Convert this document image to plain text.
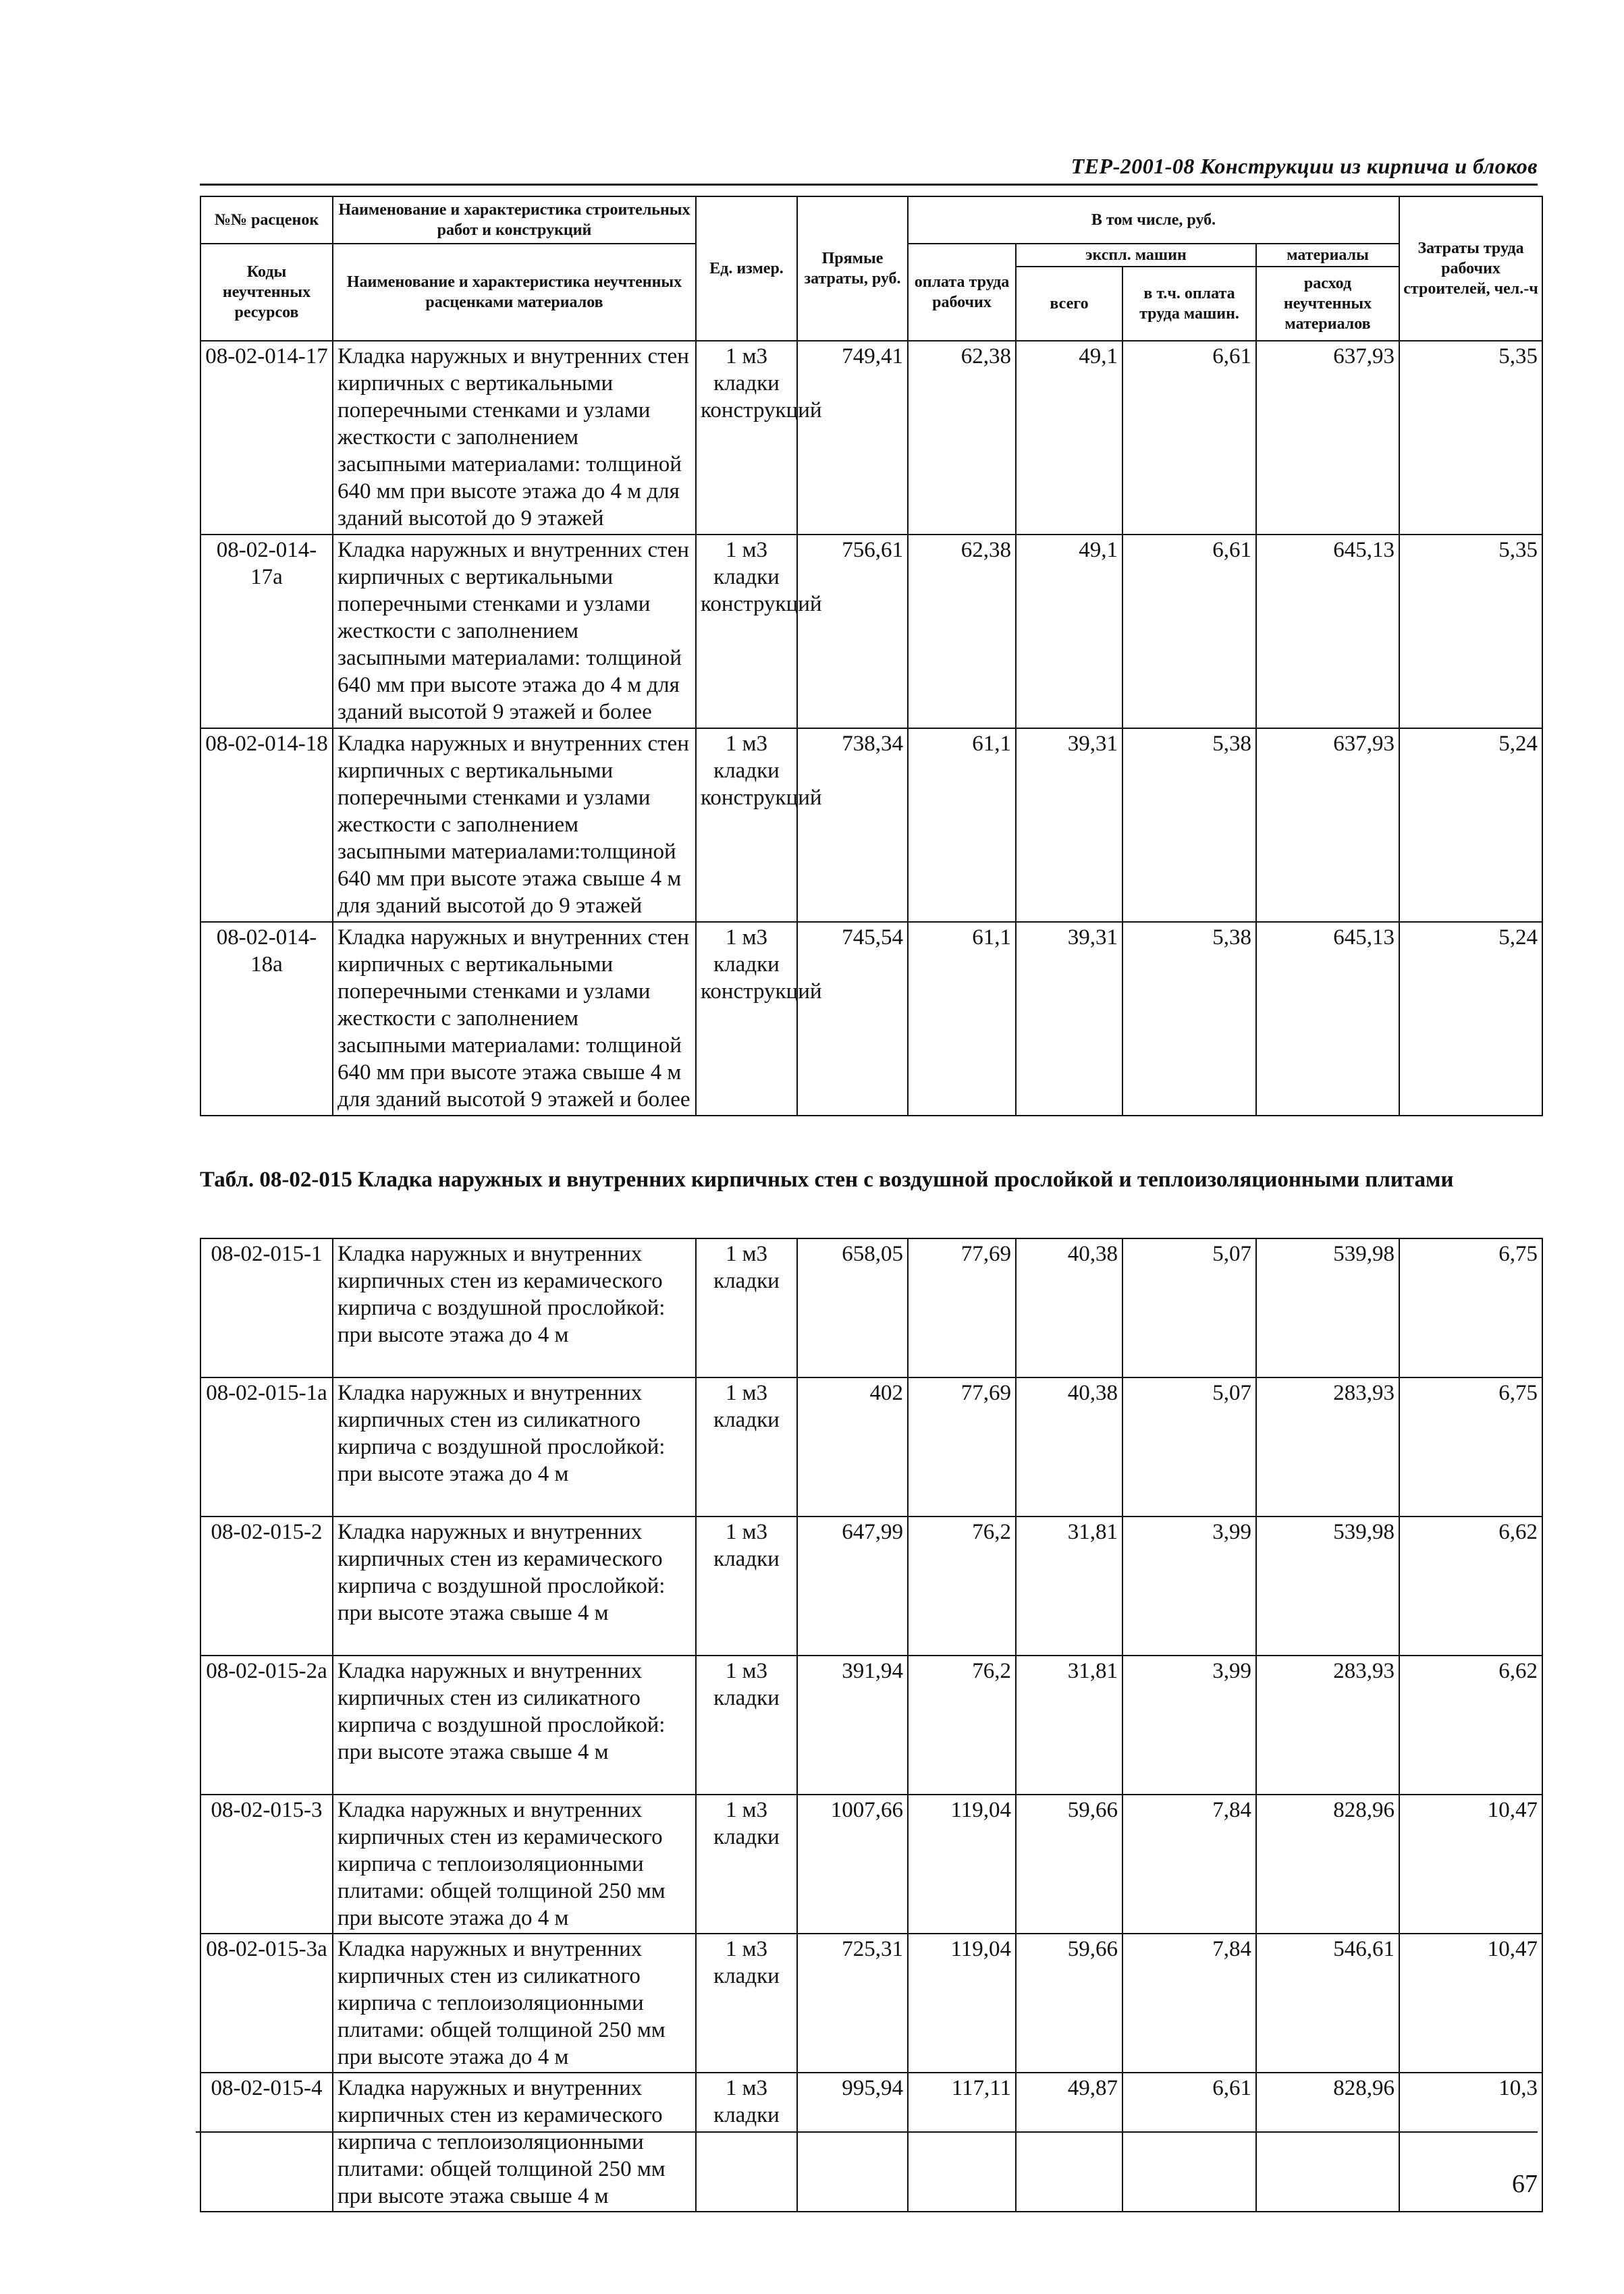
ТЕР-2001-08 Конструкции из кирпича и блоков
№№ расценок	Наименование и характеристика строительных работ и конструкций	Ед. измер.	Прямые затраты, руб.	В том числе, руб.				Затраты труда рабочих строителей, чел.-ч
Коды неучтенных ресурсов	Наименование и характеристика неучтенных расценками материалов			оплата труда рабочих	экспл. машин		материалы	
					всего	в т.ч. оплата труда машин.	расход неучтенных материалов	
08-02-014-17	Кладка наружных и внутренних стен кирпичных с вертикальными поперечными стенками и узлами жесткости с заполнением засыпными материалами: толщиной 640 мм при высоте этажа до 4 м для зданий высотой до 9 этажей	1 м3 кладки конструкций	749,41	62,38	49,1	6,61	637,93	5,35
08-02-014-17а	Кладка наружных и внутренних стен кирпичных с вертикальными поперечными стенками и узлами жесткости с заполнением засыпными материалами: толщиной 640 мм при высоте этажа до 4 м для зданий высотой 9 этажей и более	1 м3 кладки конструкций	756,61	62,38	49,1	6,61	645,13	5,35
08-02-014-18	Кладка наружных и внутренних стен кирпичных с вертикальными поперечными стенками и узлами жесткости с заполнением засыпными материалами:толщиной 640 мм при высоте этажа свыше 4 м для зданий высотой до 9 этажей	1 м3 кладки конструкций	738,34	61,1	39,31	5,38	637,93	5,24
08-02-014-18а	Кладка наружных и внутренних стен кирпичных с вертикальными поперечными стенками и узлами жесткости с заполнением засыпными материалами: толщиной 640 мм при высоте этажа свыше 4 м для зданий высотой 9 этажей и более	1 м3 кладки конструкций	745,54	61,1	39,31	5,38	645,13	5,24
Табл. 08-02-015 Кладка наружных и внутренних кирпичных стен с воздушной прослойкой и теплоизоляционными плитами
08-02-015-1	Кладка наружных и внутренних кирпичных стен из керамического кирпича с воздушной прослойкой: при высоте этажа до 4 м	1 м3 кладки	658,05	77,69	40,38	5,07	539,98	6,75
08-02-015-1а	Кладка наружных и внутренних кирпичных стен из силикатного кирпича с воздушной прослойкой: при высоте этажа до 4 м	1 м3 кладки	402	77,69	40,38	5,07	283,93	6,75
08-02-015-2	Кладка наружных и внутренних кирпичных стен из керамического кирпича с воздушной прослойкой: при высоте этажа свыше 4 м	1 м3 кладки	647,99	76,2	31,81	3,99	539,98	6,62
08-02-015-2а	Кладка наружных и внутренних кирпичных стен из силикатного кирпича с воздушной прослойкой: при высоте этажа свыше 4 м	1 м3 кладки	391,94	76,2	31,81	3,99	283,93	6,62
08-02-015-3	Кладка наружных и внутренних кирпичных стен из керамического кирпича с теплоизоляционными плитами: общей толщиной 250 мм при высоте этажа до 4 м	1 м3 кладки	1007,66	119,04	59,66	7,84	828,96	10,47
08-02-015-3а	Кладка наружных и внутренних кирпичных стен из силикатного кирпича с теплоизоляционными плитами: общей толщиной 250 мм при высоте этажа до 4 м	1 м3 кладки	725,31	119,04	59,66	7,84	546,61	10,47
08-02-015-4	Кладка наружных и внутренних кирпичных стен из керамического кирпича с теплоизоляционными плитами: общей толщиной 250 мм при высоте этажа свыше 4 м	1 м3 кладки	995,94	117,11	49,87	6,61	828,96	10,3
67
